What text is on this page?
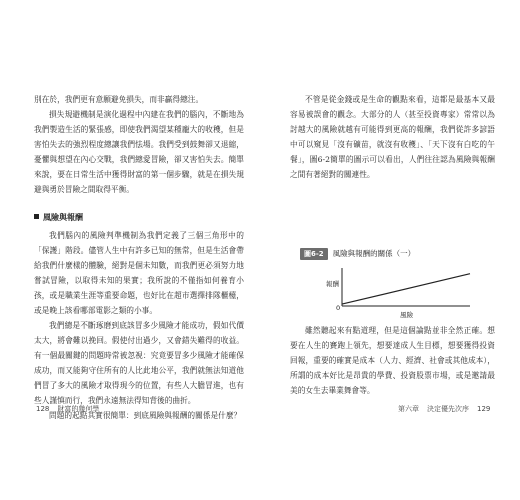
別在於，我們更有意願避免損失，而非贏得總注。

損失規避機制是演化過程中內建在我們的腦內，不斷地為我們製造生活的緊張感，即使我們渴望某種龐大的收穫，但是害怕失去的強烈程度總讓我們怯場。我們受到鼓舞卻又退縮，憂懼與想望在內心交戰，我們總愛冒險，卻又害怕失去。簡單來說，要在日常生活中獲得財富的第一個步驟，就是在損失規避與勇於冒險之間取得平衡。

風險與報酬

我們腦內的風險判準機制為我們定義了三個三角形中的「保護」階段。儘管人生中有許多已知的無常，但是生活會帶給我們什麼樣的體驗，絕對是個未知數，而我們更必須努力地嘗試冒險，以取得未知的果實；我所說的不僅指如何養育小孩，或是職業生涯等重要命題，也好比在超市選擇排隊櫃檯，或是晚上該看哪部電影之類的小事。

我們總是不斷琢磨到底該冒多少風險才能成功，假如代價太大，將會難以挽回。假使付出過少，又會錯失難得的收益。有一個最關鍵的問題時常被忽視：究竟要冒多少風險才能確保成功，而又能夠守住所有的人比此地公平，我們就無法知道他們冒了多大的風險才取得現今的位置，有些人大膽冒進，也有些人謹慎而行，我們永遠無法得知背後的曲折。

問題的起點其實很簡單：到底風險與報酬的關係是什麼？

不管是從金錢或是生命的觀點來看，這都是最基本又最容易被誤會的觀念。大部分的人（甚至投資專家）常常以為討越大的風險就越有可能得到更高的報酬，我們從許多諺語中可以窺見「沒有礦苗，就沒有收穫」、「天下沒有白吃的午餐」，圖6-2簡單的圖示可以看出，人們往往認為風險與報酬之間有著絕對的關連性。

圖6-2 風險與報酬的關係（一）
報酬
0
風險

雖然聽起來有點道理，但是這個論點並非全然正確。想要在人生的賽跑上領先，想要達成人生目標，想要獲得投資回報，重要的確實是成本（人力、經濟、社會或其他成本），所謂的成本好比是昂貴的學費、投資股票市場，或是邀請最美的女生去畢業舞會等。

128 財富的幾何學	第六章 決定優先次序 129
